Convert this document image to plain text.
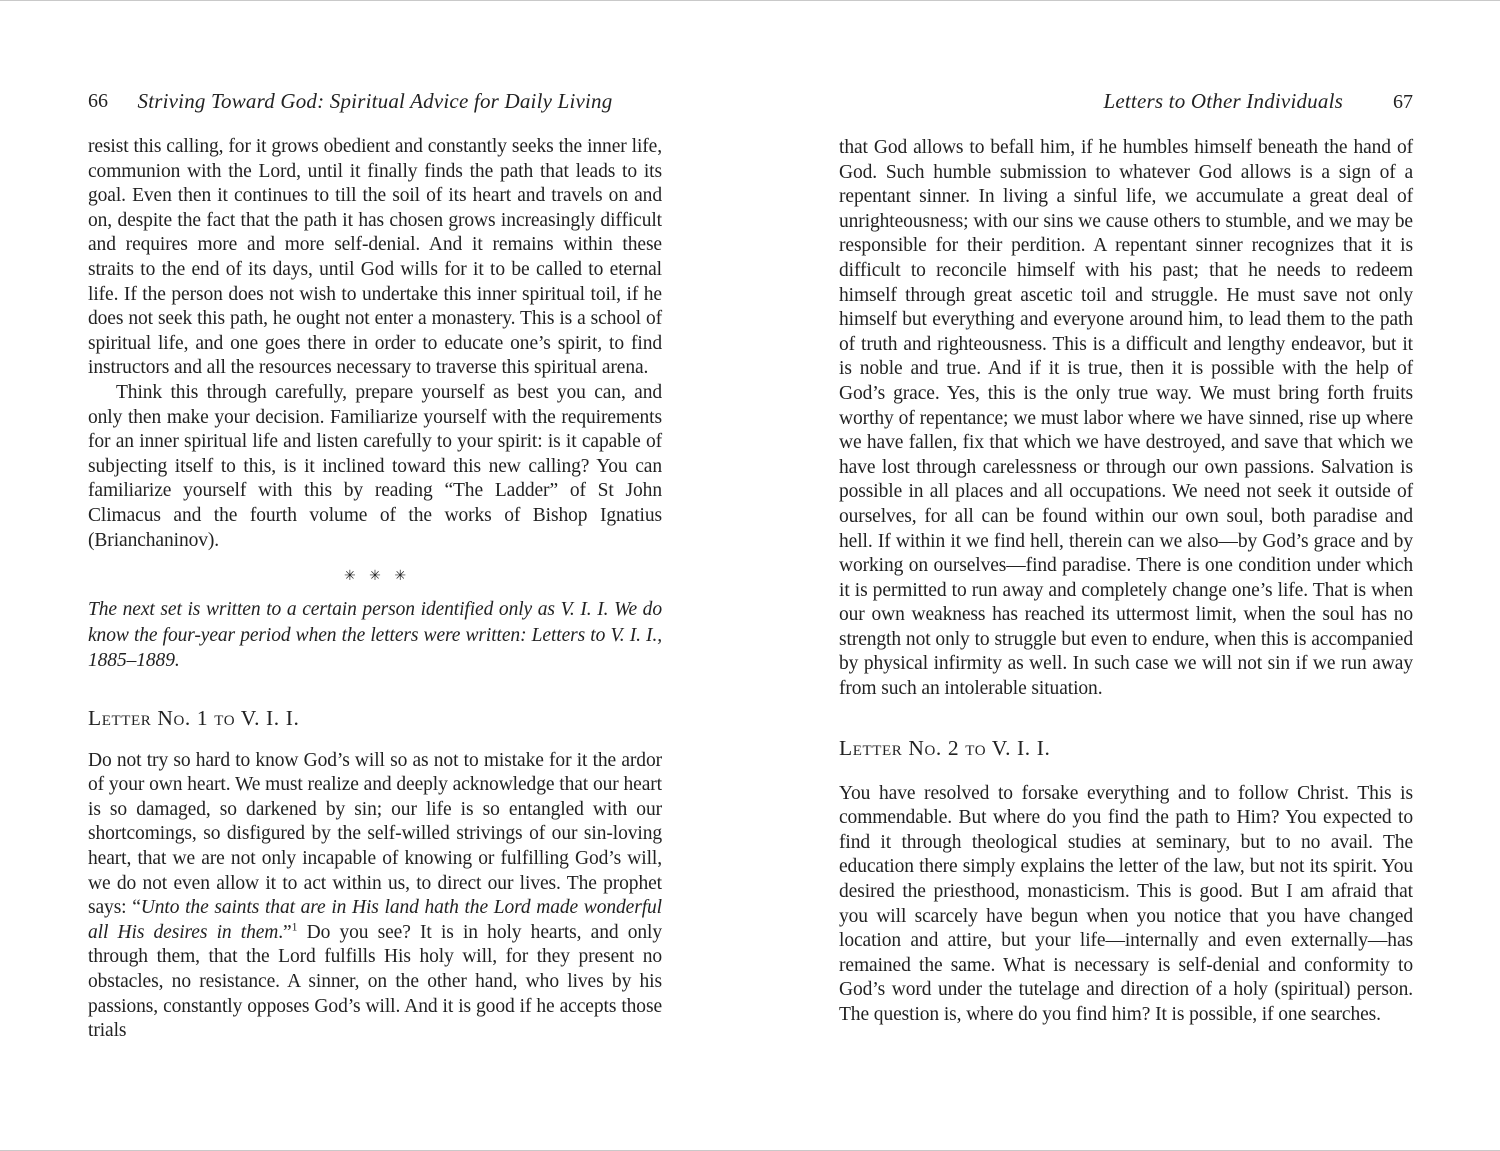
66 Striving Toward God: Spiritual Advice for Daily Living

resist this calling, for it grows obedient and constantly seeks the inner life, communion with the Lord, until it finally finds the path that leads to its goal. Even then it continues to till the soil of its heart and travels on and on, despite the fact that the path it has chosen grows increasingly difficult and requires more and more self-denial. And it remains within these straits to the end of its days, until God wills for it to be called to eternal life. If the person does not wish to undertake this inner spiritual toil, if he does not seek this path, he ought not enter a monastery. This is a school of spiritual life, and one goes there in order to educate one’s spirit, to find instructors and all the resources necessary to traverse this spiritual arena.

Think this through carefully, prepare yourself as best you can, and only then make your decision. Familiarize yourself with the requirements for an inner spiritual life and listen carefully to your spirit: is it capable of subjecting itself to this, is it inclined toward this new calling? You can familiarize yourself with this by reading “The Ladder” of St John Climacus and the fourth volume of the works of Bishop Ignatius (Brianchaninov).

✳ ✳ ✳

The next set is written to a certain person identified only as V. I. I. We do know the four-year period when the letters were written: Letters to V. I. I., 1885–1889.

Letter No. 1 to V. I. I.

Do not try so hard to know God’s will so as not to mistake for it the ardor of your own heart. We must realize and deeply acknowledge that our heart is so damaged, so darkened by sin; our life is so entangled with our shortcomings, so disfigured by the self-willed strivings of our sin-loving heart, that we are not only incapable of knowing or fulfilling God’s will, we do not even allow it to act within us, to direct our lives. The prophet says: “Unto the saints that are in His land hath the Lord made wonderful all His desires in them.”$^1$ Do you see? It is in holy hearts, and only through them, that the Lord fulfills His holy will, for they present no obstacles, no resistance. A sinner, on the other hand, who lives by his passions, constantly opposes God’s will. And it is good if he accepts those trials

Letters to Other Individuals	67

that God allows to befall him, if he humbles himself beneath the hand of God. Such humble submission to whatever God allows is a sign of a repentant sinner. In living a sinful life, we accumulate a great deal of unrighteousness; with our sins we cause others to stumble, and we may be responsible for their perdition. A repentant sinner recognizes that it is difficult to reconcile himself with his past; that he needs to redeem himself through great ascetic toil and struggle. He must save not only himself but everything and everyone around him, to lead them to the path of truth and righteousness. This is a difficult and lengthy endeavor, but it is noble and true. And if it is true, then it is possible with the help of God’s grace. Yes, this is the only true way. We must bring forth fruits worthy of repentance; we must labor where we have sinned, rise up where we have fallen, fix that which we have destroyed, and save that which we have lost through carelessness or through our own passions. Salvation is possible in all places and all occupations. We need not seek it outside of ourselves, for all can be found within our own soul, both paradise and hell. If within it we find hell, therein can we also—by God’s grace and by working on ourselves—find paradise. There is one condition under which it is permitted to run away and completely change one’s life. That is when our own weakness has reached its uttermost limit, when the soul has no strength not only to struggle but even to endure, when this is accompanied by physical infirmity as well. In such case we will not sin if we run away from such an intolerable situation.

Letter No. 2 to V. I. I.

You have resolved to forsake everything and to follow Christ. This is commendable. But where do you find the path to Him? You expected to find it through theological studies at seminary, but to no avail. The education there simply explains the letter of the law, but not its spirit. You desired the priesthood, monasticism. This is good. But I am afraid that you will scarcely have begun when you notice that you have changed location and attire, but your life—internally and even externally—has remained the same. What is necessary is self-denial and conformity to God’s word under the tutelage and direction of a holy (spiritual) person. The question is, where do you find him? It is possible, if one searches.
